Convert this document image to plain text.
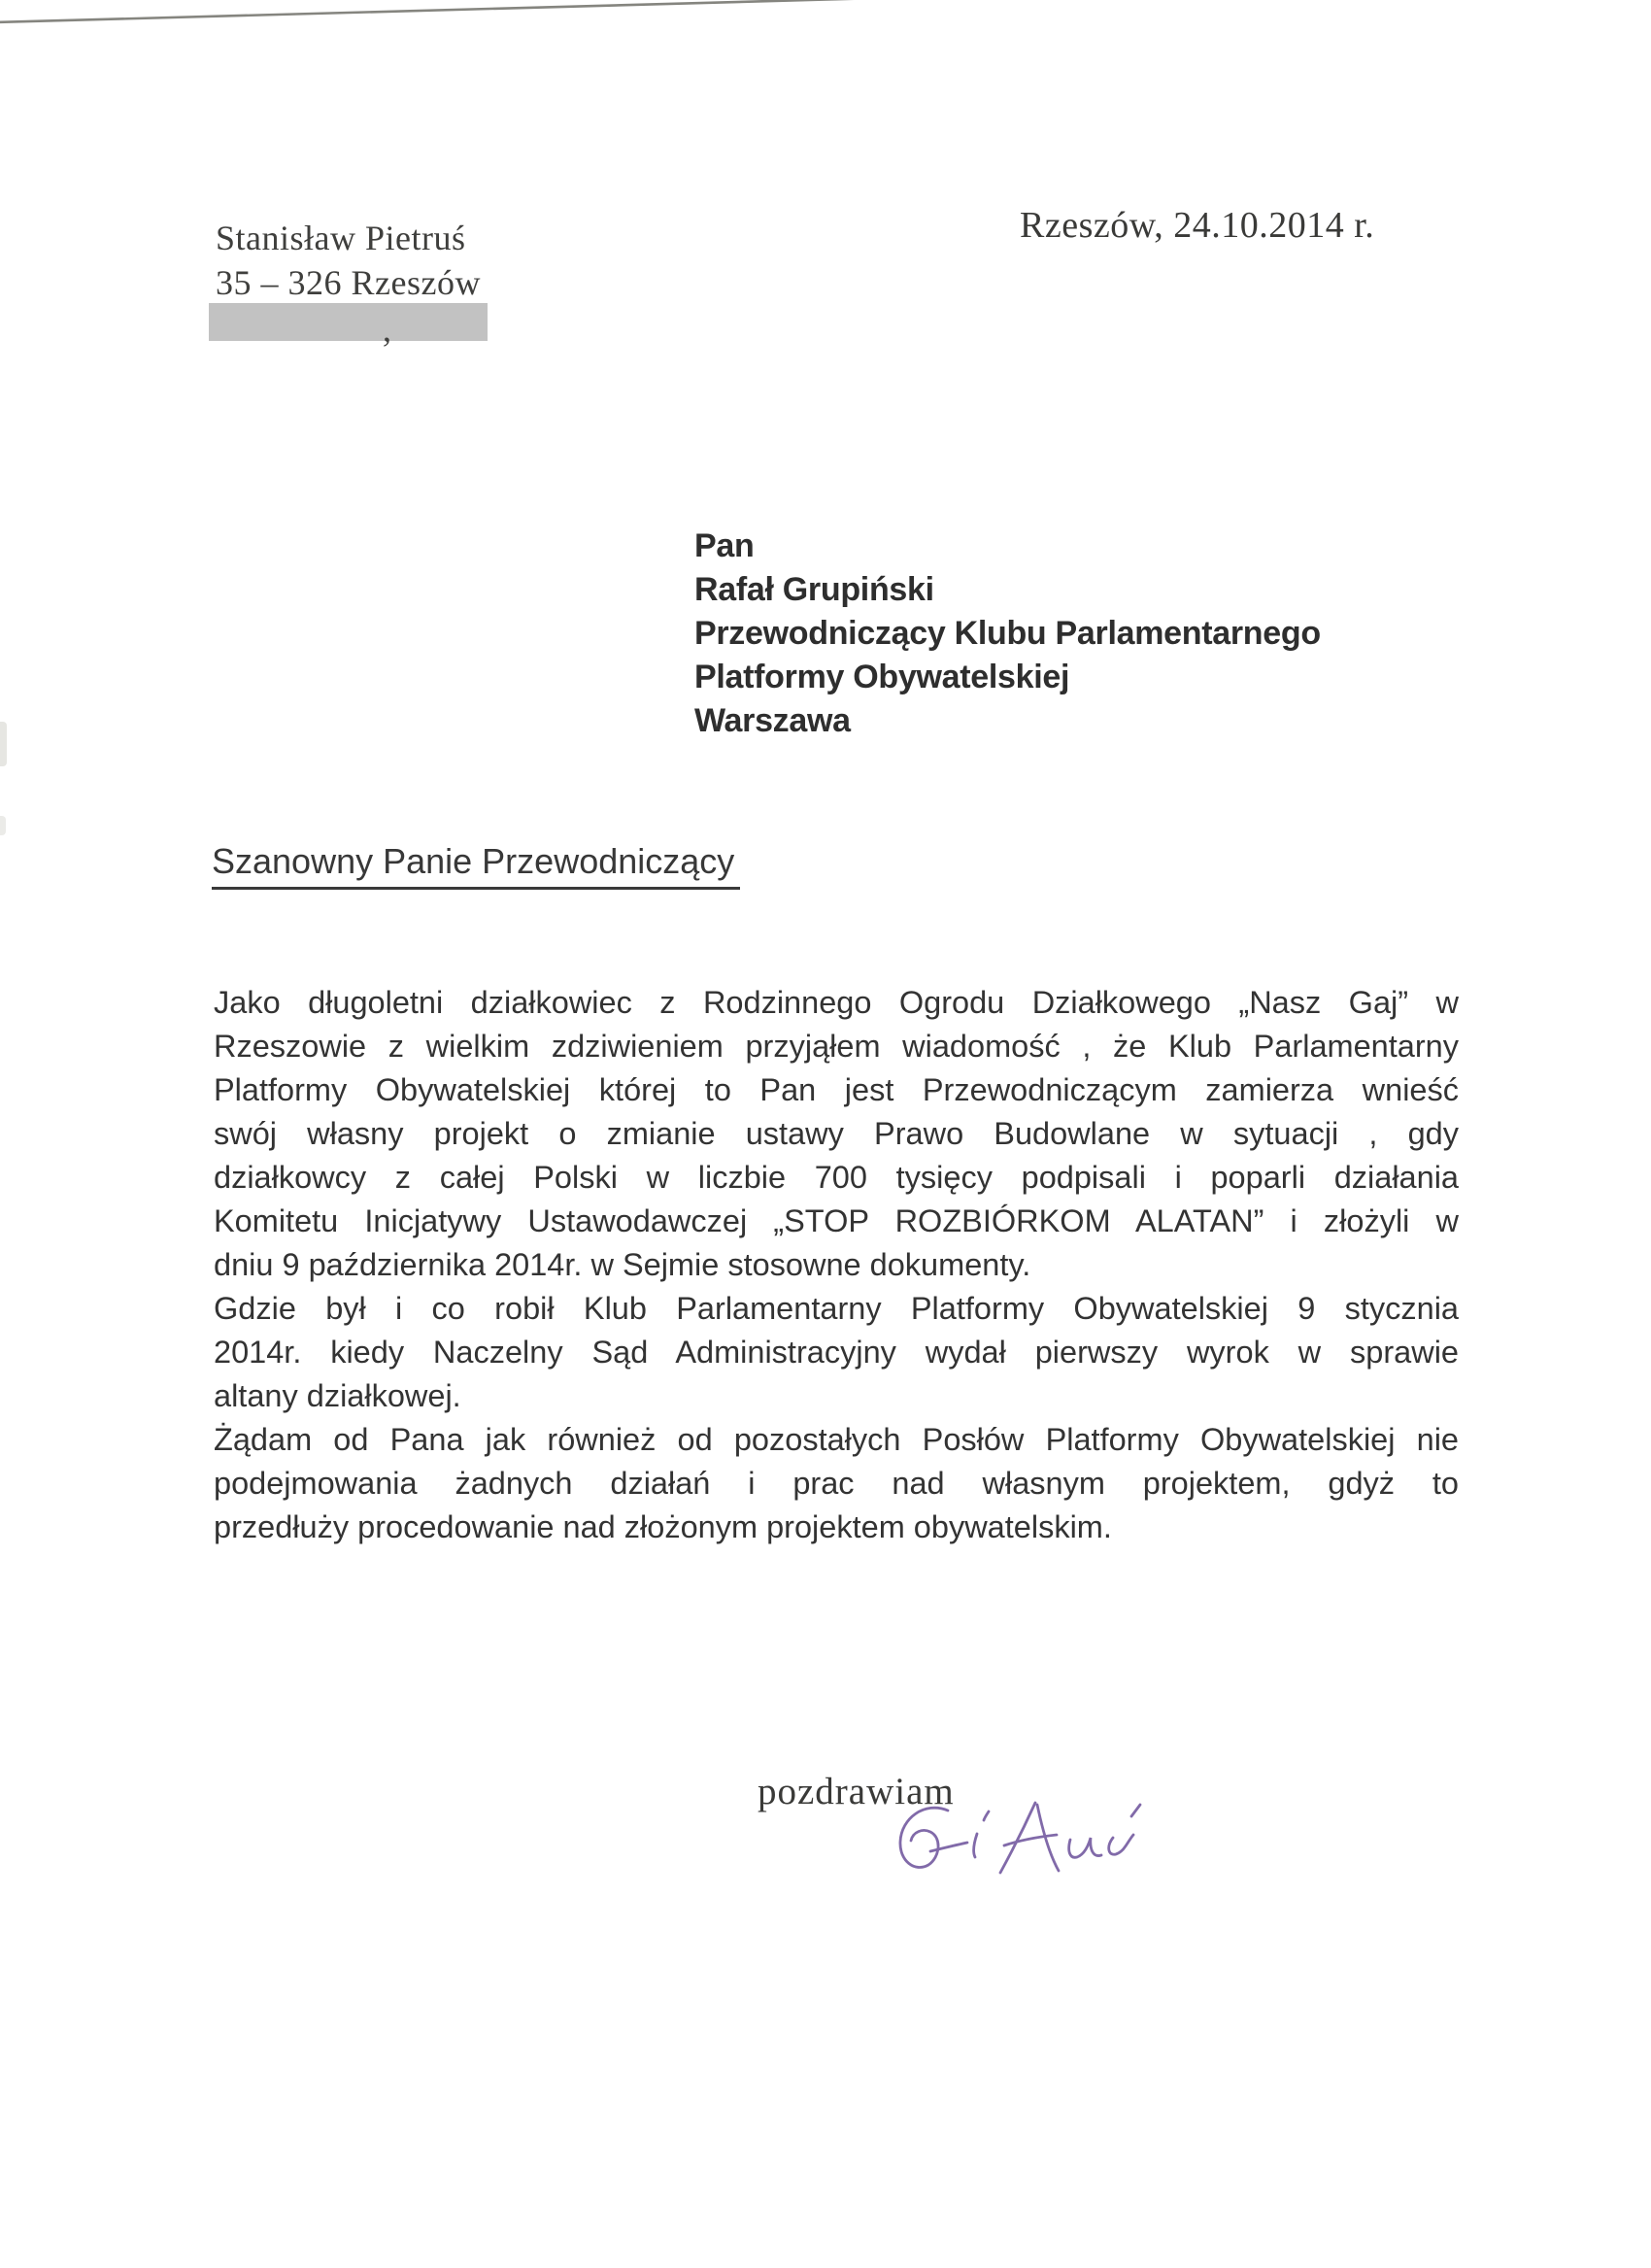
Stanisław Pietruś
35 – 326 Rzeszów
,
Rzeszów, 24.10.2014 r.
Pan
Rafał Grupiński
Przewodniczący Klubu Parlamentarnego
Platformy Obywatelskiej
Warszawa
Szanowny Panie Przewodniczący
Jako długoletni działkowiec z Rodzinnego Ogrodu Działkowego „Nasz Gaj” w
Rzeszowie z wielkim zdziwieniem przyjąłem wiadomość , że Klub Parlamentarny
Platformy Obywatelskiej której to Pan jest Przewodniczącym zamierza wnieść
swój własny projekt o zmianie ustawy Prawo Budowlane w sytuacji , gdy
działkowcy z całej Polski w liczbie 700 tysięcy podpisali i poparli działania
Komitetu Inicjatywy Ustawodawczej „STOP ROZBIÓRKOM ALATAN” i złożyli w
dniu 9 października 2014r. w Sejmie stosowne dokumenty.
Gdzie był i co robił Klub Parlamentarny Platformy Obywatelskiej 9 stycznia
2014r. kiedy Naczelny Sąd Administracyjny wydał pierwszy wyrok w sprawie
altany działkowej.
Żądam od Pana jak również od pozostałych Posłów Platformy Obywatelskiej nie
podejmowania żadnych działań i prac nad własnym projektem, gdyż to
przedłuży procedowanie nad złożonym projektem obywatelskim.
pozdrawiam
